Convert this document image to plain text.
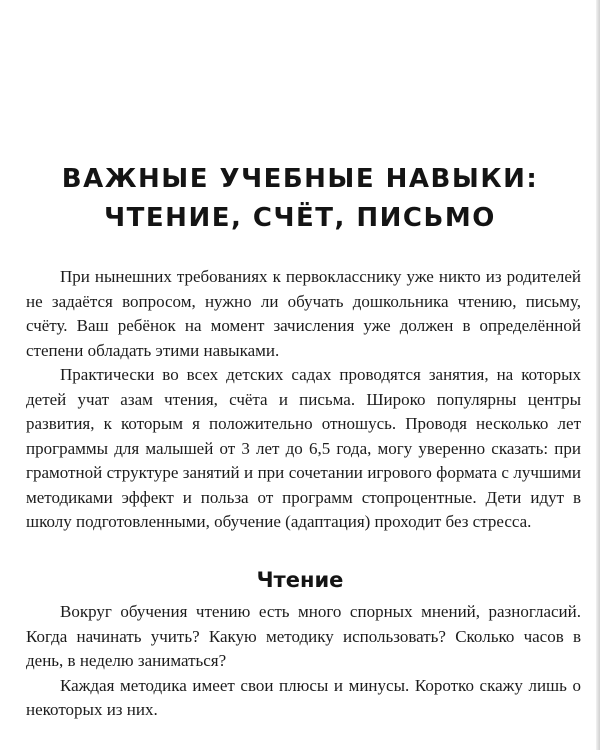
ВАЖНЫЕ УЧЕБНЫЕ НАВЫКИ:
ЧТЕНИЕ, СЧЁТ, ПИСЬМО

При нынешних требованиях к первокласснику уже никто из родителей не задаётся вопросом, нужно ли обучать дошкольника чтению, письму, счёту. Ваш ребёнок на момент зачисления уже должен в определённой степени обладать этими навыками.

Практически во всех детских садах проводятся занятия, на которых детей учат азам чтения, счёта и письма. Широко популярны центры развития, к которым я положительно отношусь. Проводя несколько лет программы для малышей от 3 лет до 6,5 года, могу уверенно сказать: при грамотной структуре занятий и при сочетании игрового формата с лучшими методиками эффект и польза от программ стопроцентные. Дети идут в школу подготовленными, обучение (адаптация) проходит без стресса.

Чтение

Вокруг обучения чтению есть много спорных мнений, разногласий. Когда начинать учить? Какую методику использовать? Сколько часов в день, в неделю заниматься?

Каждая методика имеет свои плюсы и минусы. Коротко скажу лишь о некоторых из них.
